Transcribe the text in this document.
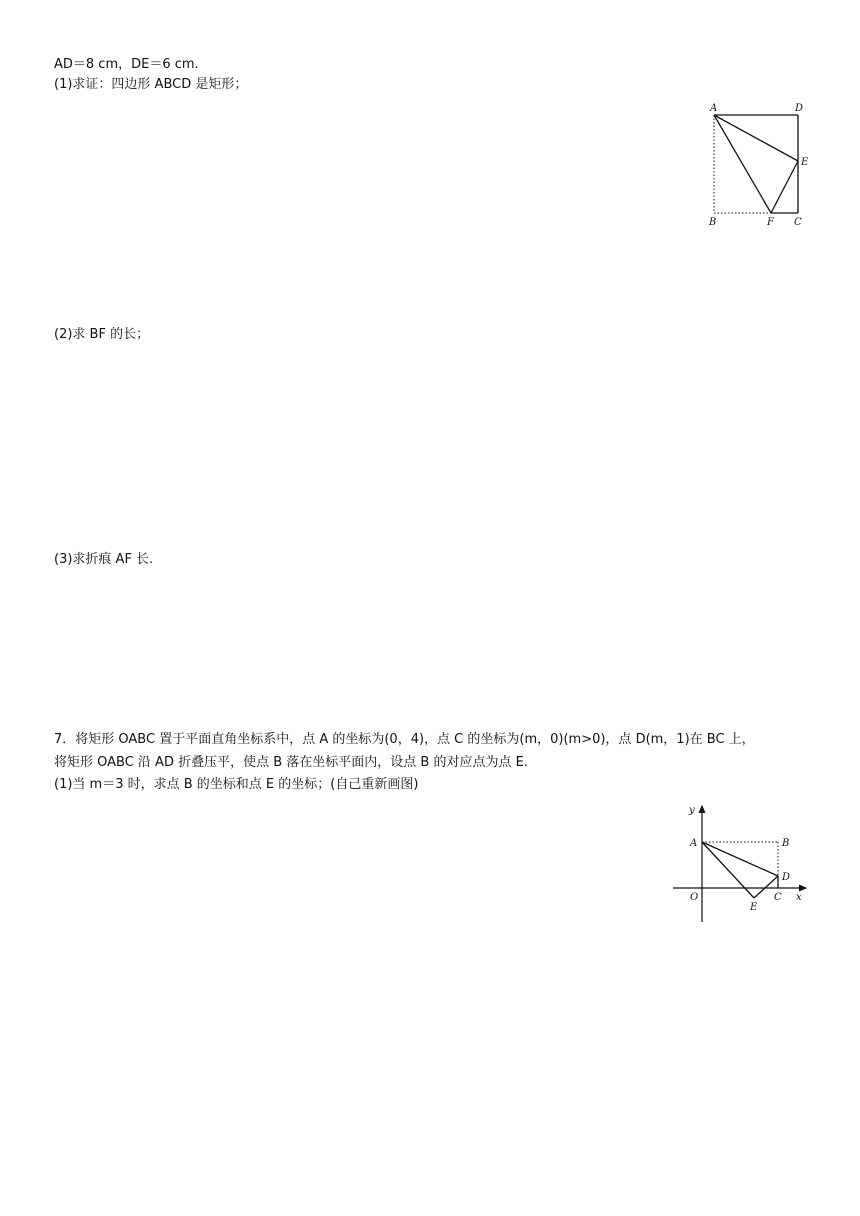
AD＝8 cm，DE＝6 cm.
(1)求证：四边形 ABCD 是矩形；
A	D
E
B	F C
(2)求 BF 的长；
(3)求折痕 AF 长.
7．将矩形 OABC 置于平面直角坐标系中，点 A 的坐标为(0，4)，点 C 的坐标为(m，0)(m>0)，点 D(m，1)在 BC 上，
将矩形 OABC 沿 AD 折叠压平，使点 B 落在坐标平面内，设点 B 的对应点为点 E.
(1)当 m＝3 时，求点 B 的坐标和点 E 的坐标；(自己重新画图)
y
A	B
D
O
E
C x
